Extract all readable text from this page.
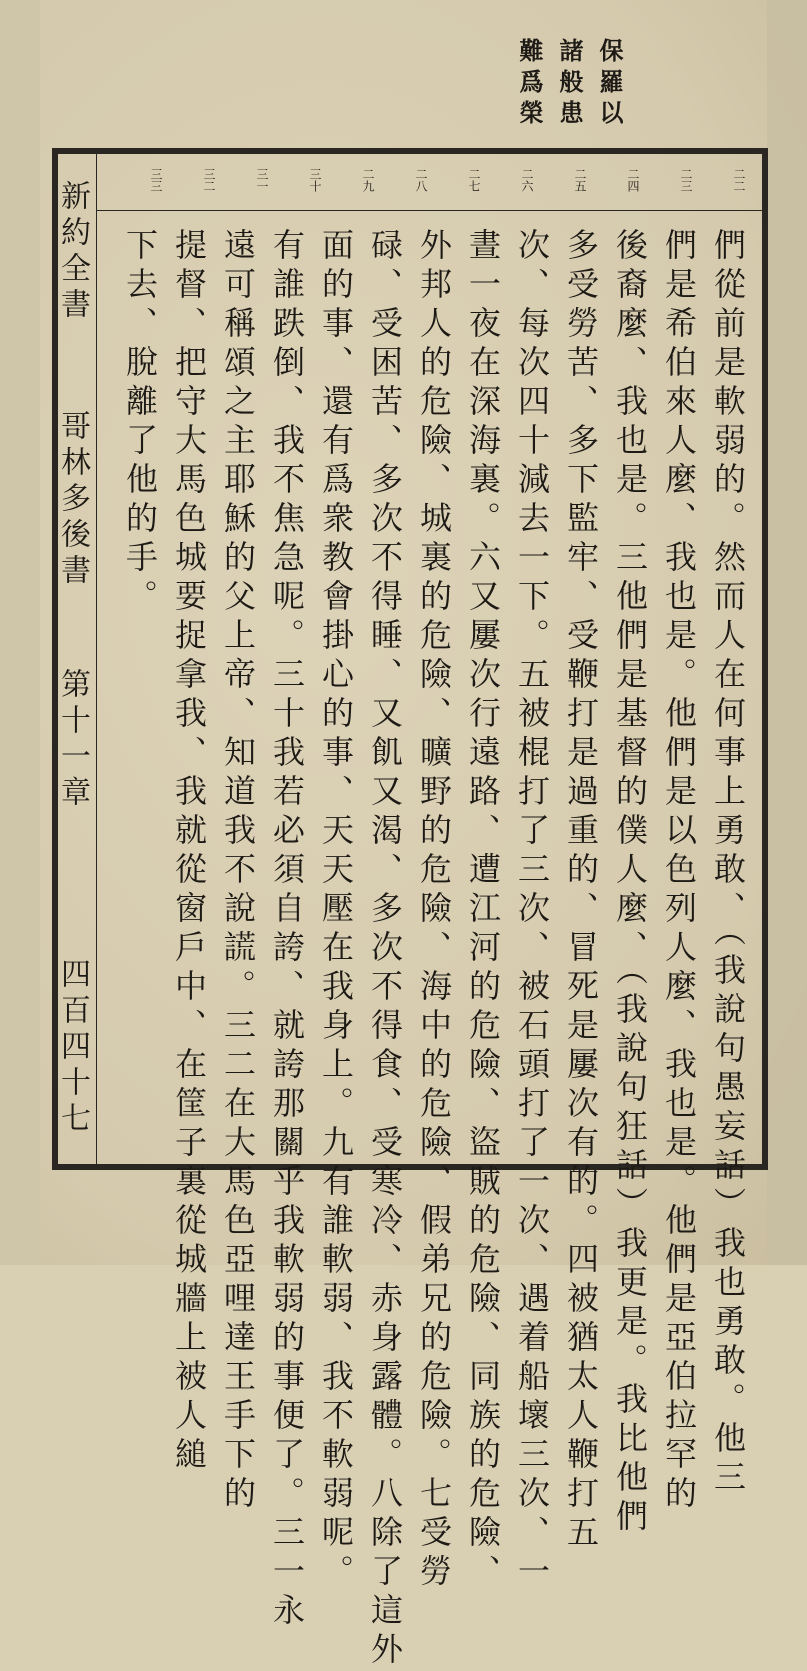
保羅以
諸般患
難爲榮
二二
二三
二四
二五
二六
二七
二八
二九
三十
三一
三二
三三
們從前是軟弱的。然而人在何事上勇敢、（我說句愚妄話）我也勇敢。他三
們是希伯來人麼、我也是。他們是以色列人麼、我也是。他們是亞伯拉罕的
後裔麼、我也是。三他們是基督的僕人麼、（我說句狂話）我更是。我比他們
多受勞苦、多下監牢、受鞭打是過重的、冒死是屢次有的。四被猶太人鞭打五
次、每次四十減去一下。五被棍打了三次、被石頭打了一次、遇着船壞三次、一
晝一夜在深海裏。六又屢次行遠路、遭江河的危險、盜賊的危險、同族的危險、
外邦人的危險、城裏的危險、曠野的危險、海中的危險、假弟兄的危險。七受勞
碌、受困苦、多次不得睡、又飢又渴、多次不得食、受寒冷、赤身露體。八除了這外
面的事、還有爲衆教會掛心的事、天天壓在我身上。九有誰軟弱、我不軟弱呢。
有誰跌倒、我不焦急呢。三十我若必須自誇、就誇那關乎我軟弱的事便了。三一永
遠可稱頌之主耶穌的父上帝、知道我不說謊。三二在大馬色亞哩達王手下的
提督、把守大馬色城要捉拿我、我就從窗戶中、在筐子裏從城牆上被人縋
下去、脫離了他的手。
新約全書
哥林多後書
第十一章
四百四十七
